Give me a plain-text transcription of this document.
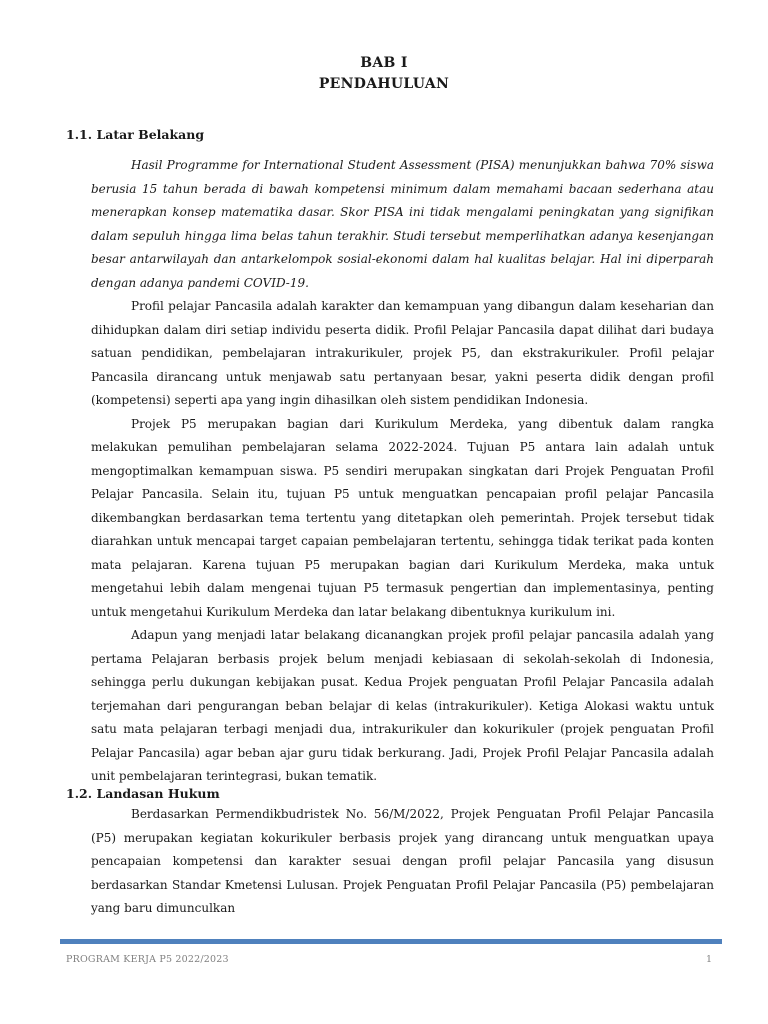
BAB I
PENDAHULUAN
1.1. Latar Belakang

Hasil Programme for International Student Assessment (PISA) menunjukkan bahwa 70% siswa berusia 15 tahun berada di bawah kompetensi minimum dalam memahami bacaan sederhana atau menerapkan konsep matematika dasar. Skor PISA ini tidak mengalami peningkatan yang signifikan dalam sepuluh hingga lima belas tahun terakhir. Studi tersebut memperlihatkan adanya kesenjangan besar antarwilayah dan antarkelompok sosial-ekonomi dalam hal kualitas belajar. Hal ini diperparah dengan adanya pandemi COVID-19.

Profil pelajar Pancasila adalah karakter dan kemampuan yang dibangun dalam keseharian dan dihidupkan dalam diri setiap individu peserta didik. Profil Pelajar Pancasila dapat dilihat dari budaya satuan pendidikan, pembelajaran intrakurikuler, projek P5, dan ekstrakurikuler. Profil pelajar Pancasila dirancang untuk menjawab satu pertanyaan besar, yakni peserta didik dengan profil (kompetensi) seperti apa yang ingin dihasilkan oleh sistem pendidikan Indonesia.

Projek P5 merupakan bagian dari Kurikulum Merdeka, yang dibentuk dalam rangka melakukan pemulihan pembelajaran selama 2022-2024. Tujuan P5 antara lain adalah untuk mengoptimalkan kemampuan siswa. P5 sendiri merupakan singkatan dari Projek Penguatan Profil Pelajar Pancasila. Selain itu, tujuan P5 untuk menguatkan pencapaian profil pelajar Pancasila dikembangkan berdasarkan tema tertentu yang ditetapkan oleh pemerintah. Projek tersebut tidak diarahkan untuk mencapai target capaian pembelajaran tertentu, sehingga tidak terikat pada konten mata pelajaran. Karena tujuan P5 merupakan bagian dari Kurikulum Merdeka, maka untuk mengetahui lebih dalam mengenai tujuan P5 termasuk pengertian dan implementasinya, penting untuk mengetahui Kurikulum Merdeka dan latar belakang dibentuknya kurikulum ini.

Adapun yang menjadi latar belakang dicanangkan projek profil pelajar pancasila adalah yang pertama Pelajaran berbasis projek belum menjadi kebiasaan di sekolah-sekolah di Indonesia, sehingga perlu dukungan kebijakan pusat. Kedua Projek penguatan Profil Pelajar Pancasila adalah terjemahan dari pengurangan beban belajar di kelas (intrakurikuler). Ketiga Alokasi waktu untuk satu mata pelajaran terbagi menjadi dua, intrakurikuler dan kokurikuler (projek penguatan Profil Pelajar Pancasila) agar beban ajar guru tidak berkurang. Jadi, Projek Profil Pelajar Pancasila adalah unit pembelajaran terintegrasi, bukan tematik.

1.2. Landasan Hukum

Berdasarkan Permendikbudristek No. 56/M/2022, Projek Penguatan Profil Pelajar Pancasila (P5) merupakan kegiatan kokurikuler berbasis projek yang dirancang untuk menguatkan upaya pencapaian kompetensi dan karakter sesuai dengan profil pelajar Pancasila yang disusun berdasarkan Standar Kmetensi Lulusan. Projek Penguatan Profil Pelajar Pancasila (P5) pembelajaran yang baru dimunculkan

PROGRAM KERJA P5 2022/2023	1
